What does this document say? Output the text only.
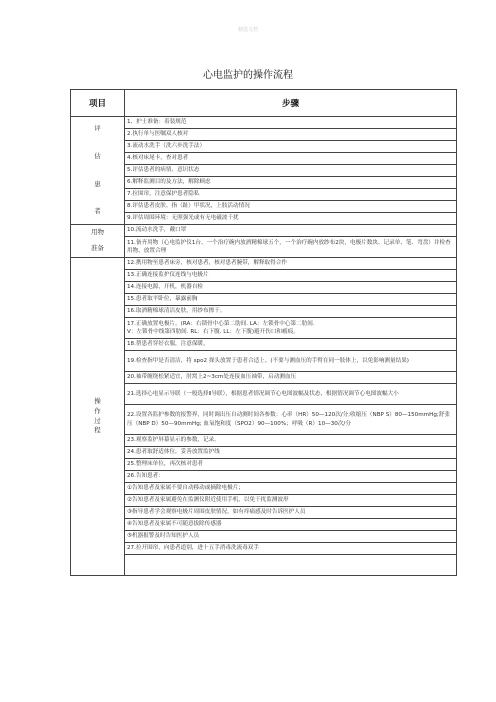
精选文档
心电监护的操作流程
项目	步骤

评
估
患
者	1、护士准备：着装规范
	2.执行单与医嘱双人核对
	3.流动水洗手（洗六步洗手法）
	4.核对床尾卡，查对患者
	5.评估患者的病情、意识状态
	6.解释监测目的及方法，解除顾虑
	7.拉围帘，注意保护患者隐私
	8.评估患者皮肤、指（趾）甲状况，上肢活动情况
	9.评估周围环境：无照强光或有无电磁波干扰

用物
准备	10.流动水洗手，戴口罩
	11.备齐用物（心电监护仪1台、一个治疗碗内放酒精棉球五个，一个治疗碗内放纱布2块，电极片数块、记录单、笔、弯盘）并检查用物，放置合理

操
作
过
程	12.携用物至患者床旁，核对患者，核对患者腕带，解释取得合作
	13.正确连接监护仪连线与电极片
	14.连接电源，开机，机器自检
	15.患者取平卧位，暴露前胸
	16.取酒精棉球清洁皮肤，用纱布擦干。

	17.正确放置电极片。(RA：右锁骨中心第二肋间. LA：左锁骨中心第二肋间.
V：左锁骨中线第四肋间. RL：右下腹. LL：左下腹)避开伤口和瘢痕。

	18.帮患者穿好衣服，注意保暖。
	19.检查指甲是否清洁，将 spo2 探头放置于患者合适上。(不要与测血压的手臂在同一肢体上，以免影响测量结果)
	20.袖带缠绕松紧适宜，肘窝上2~3cm处连接血压袖带，启动测血压
	21.选择心电显示导联（一般选择Ⅱ导联），根据患者情况调节心电图波幅及状态，根据情况调节心电图波幅大小
	22.设置各监护参数的报警界，同时调出压自动测时间各参数：心率（HR）50—120次/分;收缩压（NBP S）80—150mmHg;舒张压（NBP D）50—90mmHg; 血氧饱和度（SPO2）90—100%；呼吸（R）10—30次/分
	23.观察监护屏幕显示的参数，记录。
	24.患者取舒适体位，妥善放置监护线
	25.整理床单位，再次核对患者
	26.告知患者：
	①告知患者及家属不要自动移动或摘除电极片；
	②告知患者及家属避免在监测仪附近使用手机，以免干扰监测波形
	③指导患者学会观察电极片周围皮肤情况，如有痒痛感及时告诉医护人员
	④告知患者及家属不可随意拔除传感器
	⑤机器报警及时告知医护人员
	27.拉开围帘，向患者道别，进十五手消毒洗流毒双手
